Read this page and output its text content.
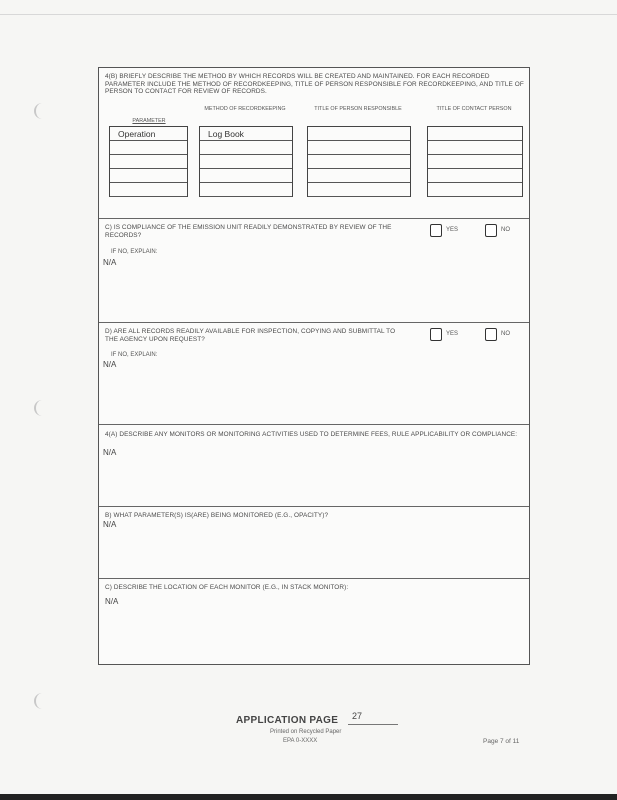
4(B) BRIEFLY DESCRIBE THE METHOD BY WHICH RECORDS WILL BE CREATED AND MAINTAINED. FOR EACH RECORDED PARAMETER INCLUDE THE METHOD OF RECORDKEEPING, TITLE OF PERSON RESPONSIBLE FOR RECORDKEEPING, AND TITLE OF PERSON TO CONTACT FOR REVIEW OF RECORDS.
PARAMETER
METHOD OF RECORDKEEPING	TITLE OF PERSON RESPONSIBLE	TITLE OF CONTACT PERSON
Operation	Log Book
C) IS COMPLIANCE OF THE EMISSION UNIT READILY DEMONSTRATED BY REVIEW OF THE RECORDS?
YES	NO
IF NO, EXPLAIN:
N/A
D) ARE ALL RECORDS READILY AVAILABLE FOR INSPECTION, COPYING AND SUBMITTAL TO THE AGENCY UPON REQUEST?
YES	NO
IF NO, EXPLAIN:
N/A
4(A) DESCRIBE ANY MONITORS OR MONITORING ACTIVITIES USED TO DETERMINE FEES, RULE APPLICABILITY OR COMPLIANCE:
N/A
B) WHAT PARAMETER(S) IS(ARE) BEING MONITORED (E.G., OPACITY)?
N/A
C) DESCRIBE THE LOCATION OF EACH MONITOR (E.G., IN STACK MONITOR):
N/A
APPLICATION PAGE 27
Printed on Recycled Paper
EPA 0-XXXX	Page 7 of 11
